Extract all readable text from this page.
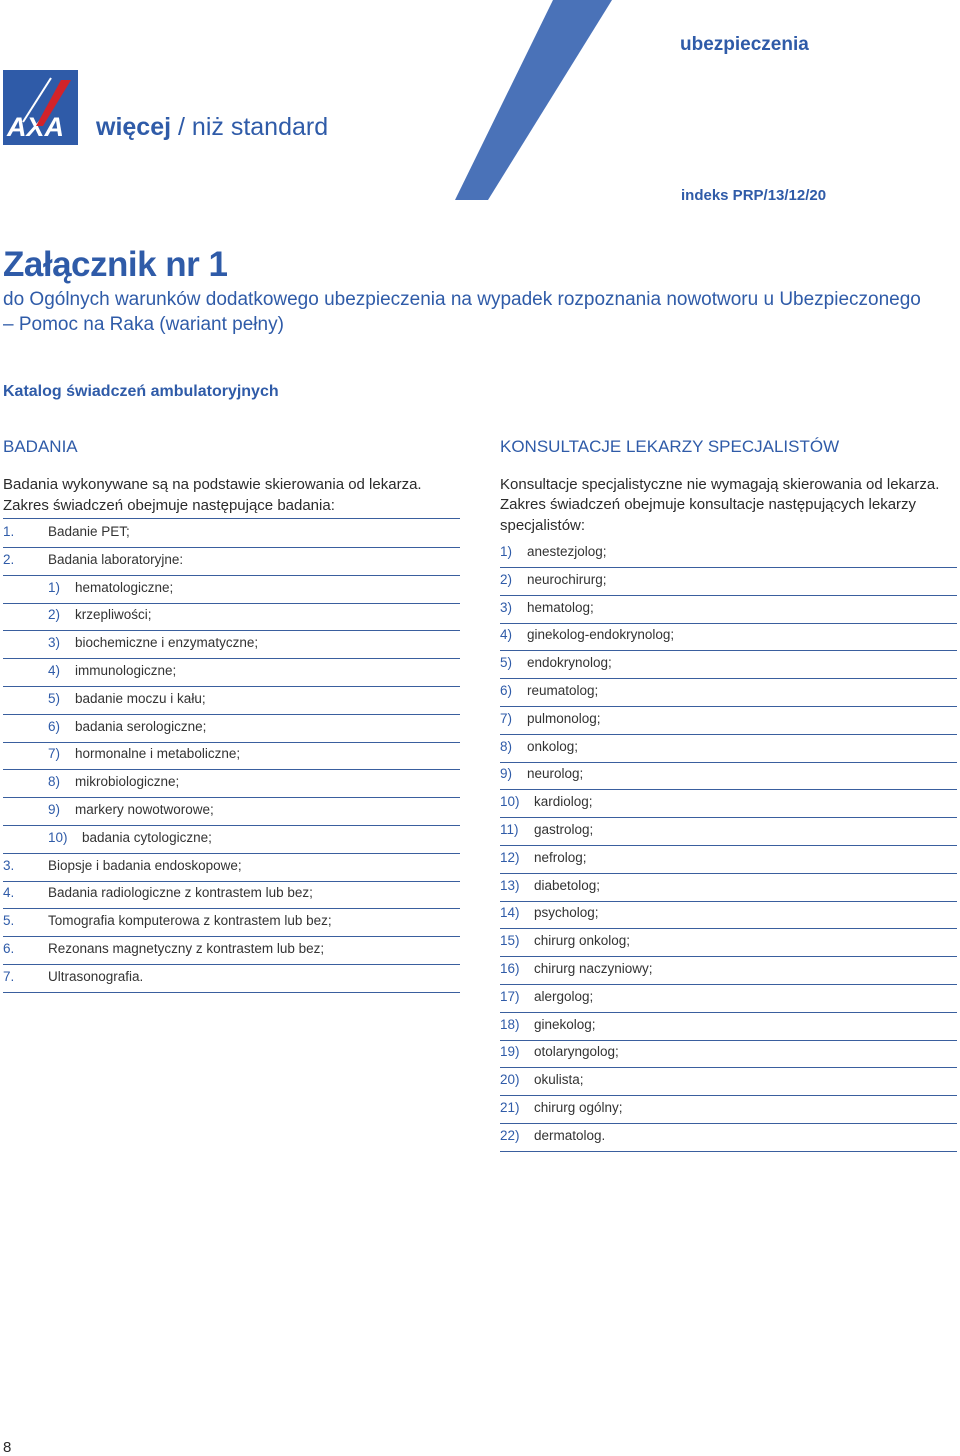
AXA więcej / niż standard
ubezpieczenia
indeks PRP/13/12/20
Załącznik nr 1
do Ogólnych warunków dodatkowego ubezpieczenia na wypadek rozpoznania nowotworu u Ubezpieczonego
– Pomoc na Raka (wariant pełny)
Katalog świadczeń ambulatoryjnych
BADANIA
Badania wykonywane są na podstawie skierowania od lekarza.
Zakres świadczeń obejmuje następujące badania:
1. Badanie PET;
2. Badania laboratoryjne:
1) hematologiczne;
2) krzepliwości;
3) biochemiczne i enzymatyczne;
4) immunologiczne;
5) badanie moczu i kału;
6) badania serologiczne;
7) hormonalne i metaboliczne;
8) mikrobiologiczne;
9) markery nowotworowe;
10) badania cytologiczne;
3. Biopsje i badania endoskopowe;
4. Badania radiologiczne z kontrastem lub bez;
5. Tomografia komputerowa z kontrastem lub bez;
6. Rezonans magnetyczny z kontrastem lub bez;
7. Ultrasonografia.
KONSULTACJE LEKARZY SPECJALISTÓW
Konsultacje specjalistyczne nie wymagają skierowania od lekarza.
Zakres świadczeń obejmuje konsultacje następujących lekarzy
specjalistów:
1) anestezjolog;
2) neurochirurg;
3) hematolog;
4) ginekolog-endokrynolog;
5) endokrynolog;
6) reumatolog;
7) pulmonolog;
8) onkolog;
9) neurolog;
10) kardiolog;
11) gastrolog;
12) nefrolog;
13) diabetolog;
14) psycholog;
15) chirurg onkolog;
16) chirurg naczyniowy;
17) alergolog;
18) ginekolog;
19) otolaryngolog;
20) okulista;
21) chirurg ogólny;
22) dermatolog.
8
